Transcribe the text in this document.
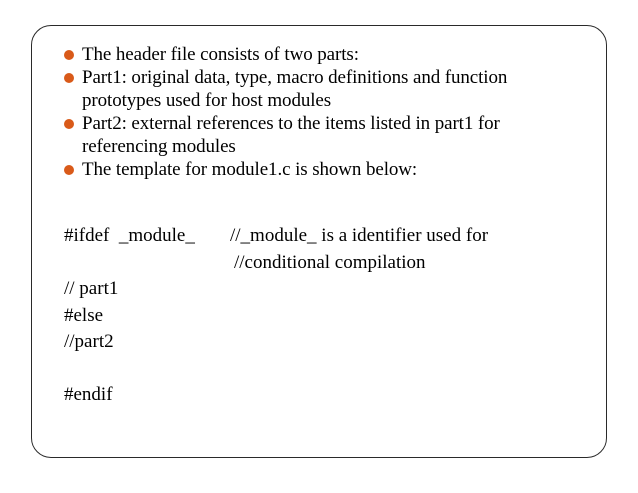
The header file consists of two parts:
Part1: original data, type, macro definitions and function prototypes used for host modules
Part2: external references to the items listed in part1 for referencing modules
The template for module1.c is shown below:
#ifdef  _module_	//_module_ is a identifier used for
//conditional compilation
// part1
#else
//part2
#endif
